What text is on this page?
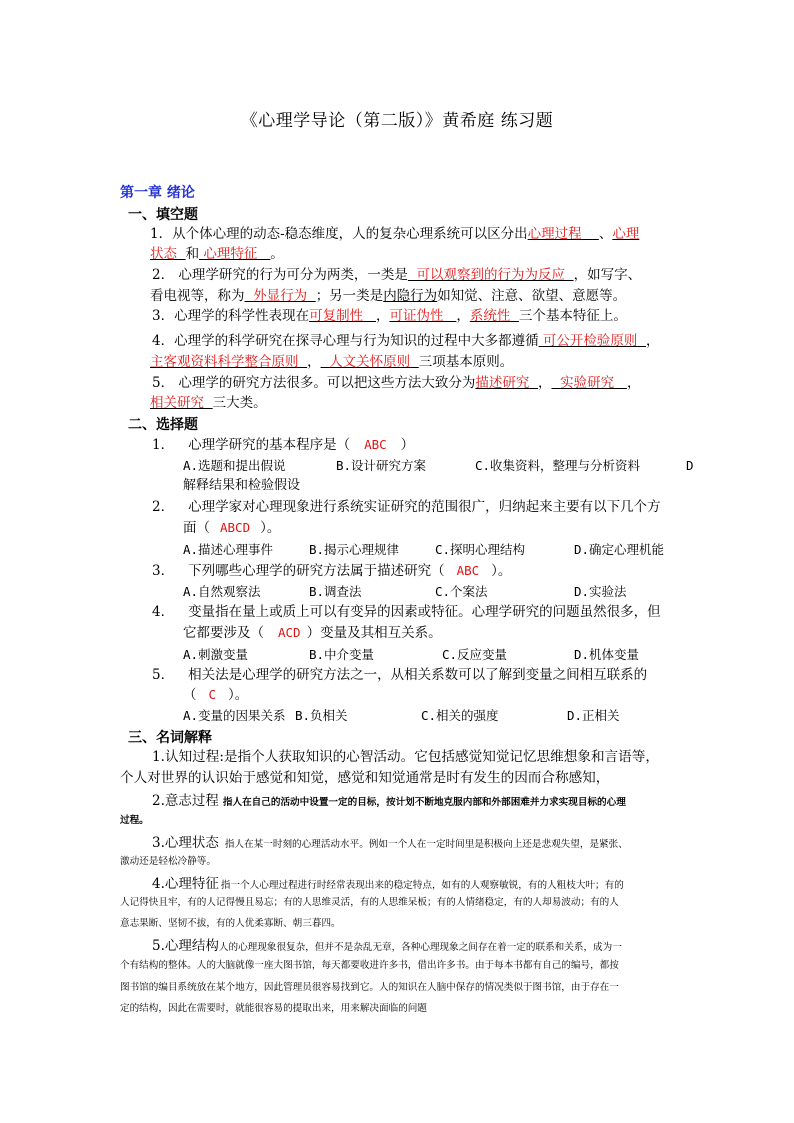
《心理学导论（第二版）》黄希庭 练习题
第一章 绪论
一、填空题
1．从个体心理的动态-稳态维度，人的复杂心理系统可以区分出心理过程 、心理
状态 和 心理特征 。
2． 心理学研究的行为可分为两类，一类是 可以观察到的行为为反应 ，如写字、
看电视等，称为 外显行为 ；另一类是内隐行为如知觉、注意、欲望、意愿等。
3．心理学的科学性表现在可复制性 ，可证伪性 ，系统性 三个基本特征上。
4．心理学的科学研究在探寻心理与行为知识的过程中大多都遵循 可公开检验原则 ，
主客观资料科学整合原则 ， 人文关怀原则 三项基本原则。
5． 心理学的研究方法很多。可以把这些方法大致分为描述研究 ， 实验研究 ，
相关研究 三大类。
二、选择题
1． 心理学研究的基本程序是（ ABC ）
A.选题和提出假说	B.设计研究方案	C.收集资料，整理与分析资料	D
解释结果和检验假设
2． 心理学家对心理现象进行系统实证研究的范围很广，归纳起来主要有以下几个方
面（ ABCD ）。
A.描述心理事件	B.揭示心理规律	C.探明心理结构	D.确定心理机能
3． 下列哪些心理学的研究方法属于描述研究（ ABC ）。
A.自然观察法	B.调查法	C.个案法	D.实验法
4． 变量指在量上或质上可以有变异的因素或特征。心理学研究的问题虽然很多，但
它都要涉及（ ACD ）变量及其相互关系。
A.刺激变量	B.中介变量	C.反应变量	D.机体变量
5． 相关法是心理学的研究方法之一，从相关系数可以了解到变量之间相互联系的
（ C ）。
A.变量的因果关系 B.负相关	C.相关的强度	D.正相关
三、名词解释
1.认知过程:是指个人获取知识的心智活动。它包括感觉知觉记忆思维想象和言语等，
个人对世界的认识始于感觉和知觉，感觉和知觉通常是时有发生的因而合称感知，
2.意志过程 指人在自己的活动中设置一定的目标，按计划不断地克服内部和外部困难并力求实现目标的心理
过程。
3.心理状态 指人在某一时刻的心理活动水平。例如一个人在一定时间里是积极向上还是悲观失望，是紧张、
激动还是轻松冷静等。
4.心理特征 指一个人心理过程进行时经常表现出来的稳定特点，如有的人观察敏锐，有的人粗枝大叶；有的
人记得快且牢，有的人记得慢且易忘；有的人思维灵活，有的人思维呆板；有的人情绪稳定，有的人却易波动；有的人
意志果断、坚韧不拔，有的人优柔寡断、朝三暮四。
5.心理结构人的心理现象很复杂，但并不是杂乱无章，各种心理现象之间存在着一定的联系和关系，成为一
个有结构的整体。人的大脑就像一座大图书馆，每天都要收进许多书，借出许多书。由于每本书都有自己的编号，都按
图书馆的编目系统放在某个地方，因此管理员很容易找到它。人的知识在人脑中保存的情况类似于图书馆，由于存在一
定的结构，因此在需要时，就能很容易的提取出来，用来解决面临的问题
